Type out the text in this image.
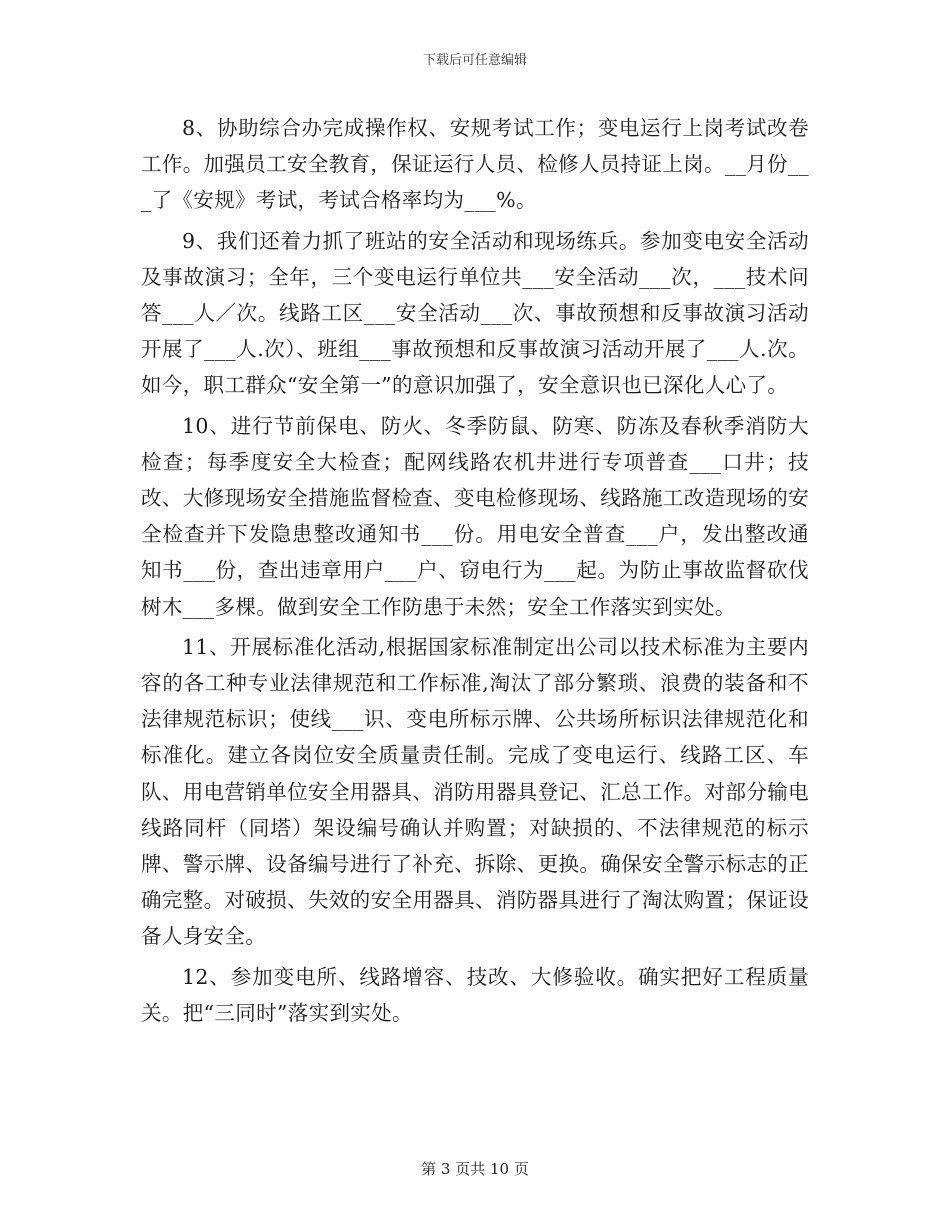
下载后可任意编辑

8、协助综合办完成操作权、安规考试工作；变电运行上岗考试改卷工作。加强员工安全教育，保证运行人员、检修人员持证上岗。__月份___了《安规》考试，考试合格率均为___%。

9、我们还着力抓了班站的安全活动和现场练兵。参加变电安全活动及事故演习；全年，三个变电运行单位共___安全活动___次，___技术问答___人／次。线路工区___安全活动___次、事故预想和反事故演习活动开展了___人.次）、班组___事故预想和反事故演习活动开展了___人.次。如今，职工群众“安全第一”的意识加强了，安全意识也已深化人心了。

10、进行节前保电、防火、冬季防鼠、防寒、防冻及春秋季消防大检查；每季度安全大检查；配网线路农机井进行专项普查___口井；技改、大修现场安全措施监督检查、变电检修现场、线路施工改造现场的安全检查并下发隐患整改通知书___份。用电安全普查___户，发出整改通知书___份，查出违章用户___户、窃电行为___起。为防止事故监督砍伐树木___多棵。做到安全工作防患于未然；安全工作落实到实处。

11、开展标准化活动,根据国家标准制定出公司以技术标准为主要内容的各工种专业法律规范和工作标准,淘汰了部分繁琐、浪费的装备和不法律规范标识；使线___识、变电所标示牌、公共场所标识法律规范化和标准化。建立各岗位安全质量责任制。完成了变电运行、线路工区、车队、用电营销单位安全用器具、消防用器具登记、汇总工作。对部分输电线路同杆（同塔）架设编号确认并购置；对缺损的、不法律规范的标示牌、警示牌、设备编号进行了补充、拆除、更换。确保安全警示标志的正确完整。对破损、失效的安全用器具、消防器具进行了淘汰购置；保证设备人身安全。

12、参加变电所、线路增容、技改、大修验收。确实把好工程质量关。把“三同时”落实到实处。

第 3 页共 10 页
